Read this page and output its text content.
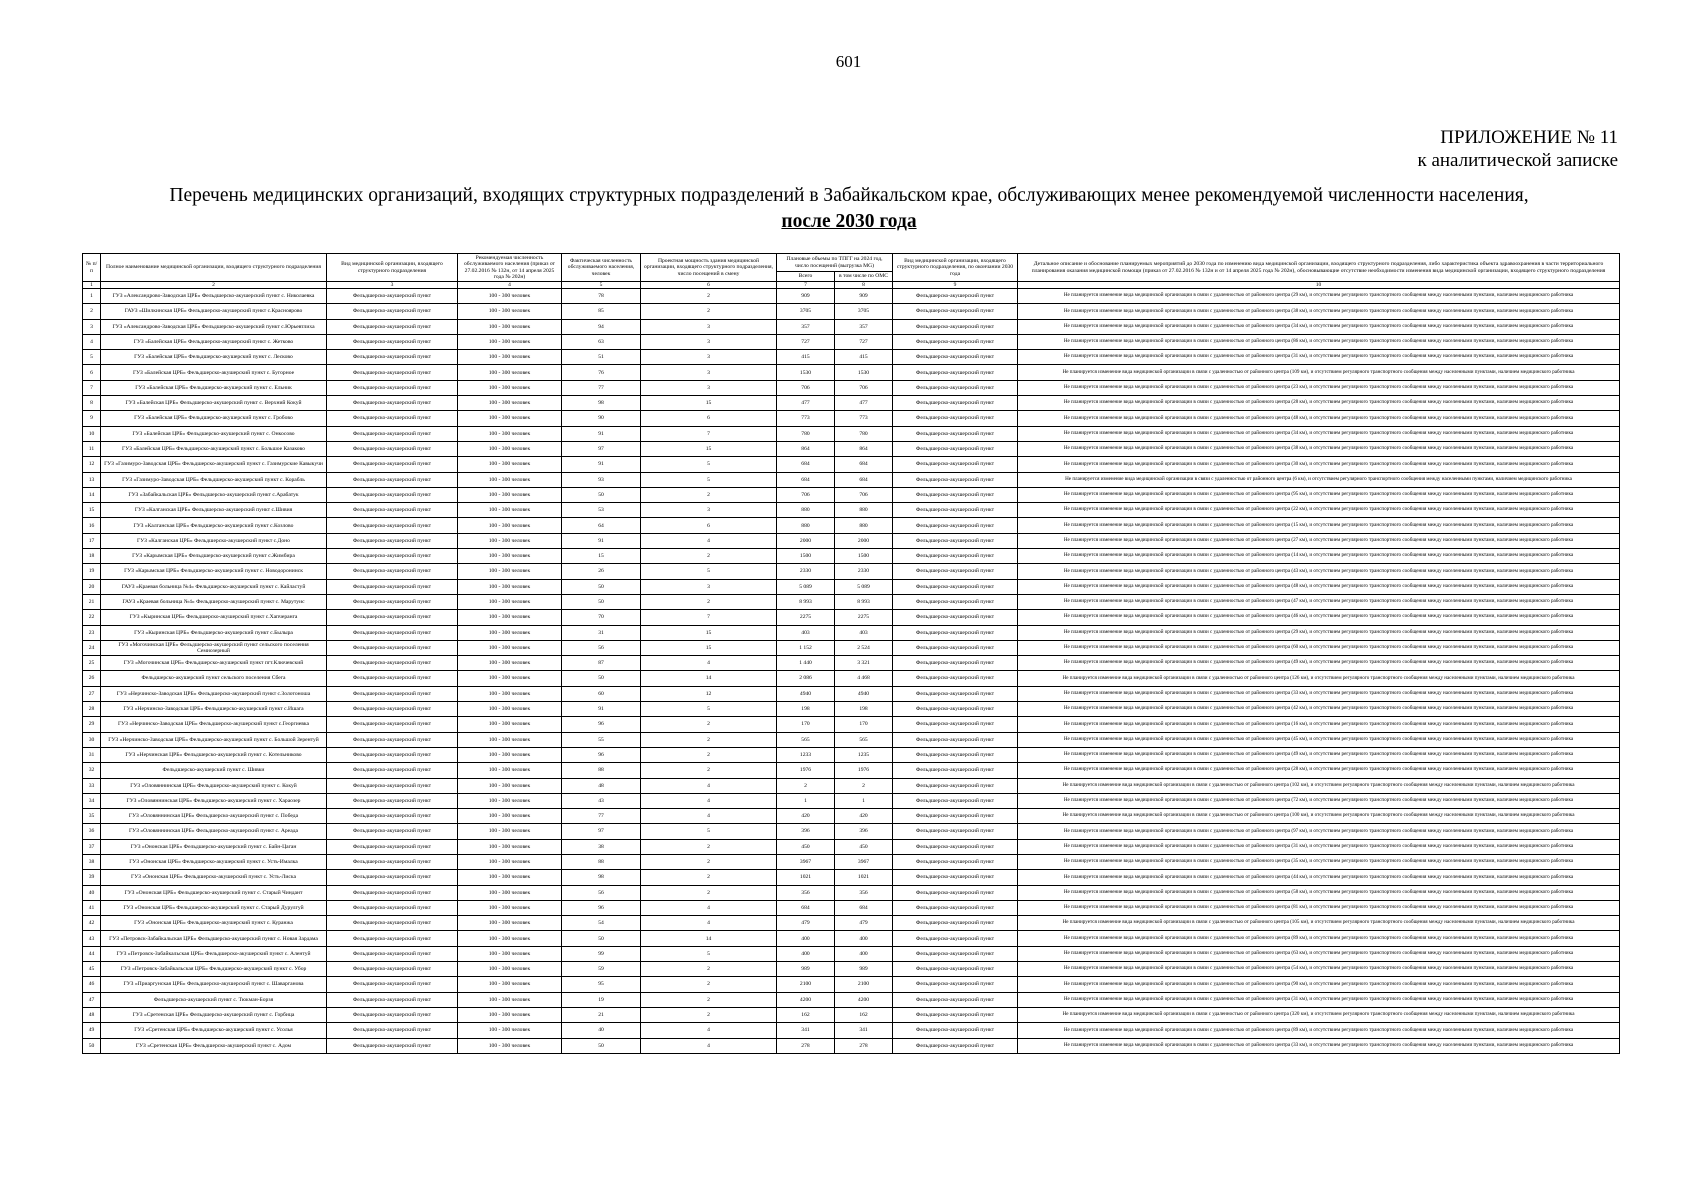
601
ПРИЛОЖЕНИЕ № 11
к аналитической записке
Перечень медицинских организаций, входящих структурных подразделений в Забайкальском крае, обслуживающих менее рекомендуемой численности населения,
после 2030 года
№ п/п	Полное наименование медицинской организации, входящего структурного подразделения	Вид медицинской организации, входящего структурного подразделения	Рекомендуемая численность обслуживаемого населения (приказ от 27.02.2016 № 132н, от 14 апреля 2025 года № 202н)	Фактическая численность обслуживаемого населения, человек	Проектная мощность здания медицинской организации, входящего структурного подразделения, число посещений в смену	Плановые объемы по ТПГГ на 2024 год, число посещений (выгрузка MG)		Вид медицинской организации, входящего структурного подразделения, по окончании 2030 года	Детальное описание и обоснование планируемых мероприятий до 2030 года по изменению вида медицинской организации, входящего структурного подразделения, либо характеристика объекта здравоохранения в части территориального планирования оказания медицинской помощи (приказ от 27.02.2016 № 132н и от 14 апреля 2025 года № 202н), обосновывающие отсутствие необходимости изменения вида медицинской организации, входящего структурного подразделения
						Всего	в том числе по ОМС		
1	2	3	4	5	6	7	8	9	10
1	ГУЗ «Александрово-Заводская ЦРБ» Фельдшерско-акушерский пункт с. Николаевка	Фельдшерско-акушерский пункт	100 - 300 человек	78	2	909	909	Фельдшерско-акушерский пункт	Не планируется изменение вида медицинской организации в связи с удаленностью от районного центра (29 км), и отсутствием регулярного транспортного сообщения между населенными пунктами, наличием медицинского работника
2	ГАУЗ «Шилкинская ЦРБ» Фельдшерско-акушерский пункт с.Красноярово	Фельдшерско-акушерский пункт	100 - 300 человек	85	2	3705	3705	Фельдшерско-акушерский пункт	Не планируется изменение вида медицинской организации в связи с удаленностью от районного центра (38 км), и отсутствием регулярного транспортного сообщения между населенными пунктами, наличием медицинского работника
3	ГУЗ «Александрово-Заводская ЦРБ» Фельдшерско-акушерский пункт с.Юрьевтлиха	Фельдшерско-акушерский пункт	100 - 300 человек	94	3	357	357	Фельдшерско-акушерский пункт	Не планируется изменение вида медицинской организации в связи с удаленностью от районного центра (34 км), и отсутствием регулярного транспортного сообщения между населенными пунктами, наличием медицинского работника
4	ГУЗ «Балейская ЦРБ» Фельдшерско-акушерский пункт с. Жетково	Фельдшерско-акушерский пункт	100 - 300 человек	63	3	727	727	Фельдшерско-акушерский пункт	Не планируется изменение вида медицинской организации в связи с удаленностью от районного центра (86 км), и отсутствием регулярного транспортного сообщения между населенными пунктами, наличием медицинского работника
5	ГУЗ «Балейская ЦРБ» Фельдшерско-акушерский пункт с. Лесково	Фельдшерско-акушерский пункт	100 - 300 человек	51	3	415	415	Фельдшерско-акушерский пункт	Не планируется изменение вида медицинской организации в связи с удаленностью от районного центра (31 км), и отсутствием регулярного транспортного сообщения между населенными пунктами, наличием медицинского работника
6	ГУЗ «Балейская ЦРБ» Фельдшерско-акушерский пункт с. Бугорное	Фельдшерско-акушерский пункт	100 - 300 человек	76	3	1530	1530	Фельдшерско-акушерский пункт	Не планируется изменение вида медицинской организации в связи с удаленностью от районного центра (109 км), и отсутствием регулярного транспортного сообщения между населенными пунктами, наличием медицинского работника
7	ГУЗ «Балейская ЦРБ» Фельдшерско-акушерский пункт с. Ельник	Фельдшерско-акушерский пункт	100 - 300 человек	77	3	706	706	Фельдшерско-акушерский пункт	Не планируется изменение вида медицинской организации в связи с удаленностью от районного центра (23 км), и отсутствием регулярного транспортного сообщения между населенными пунктами, наличием медицинского работника
8	ГУЗ «Балейская ЦРБ» Фельдшерско-акушерский пункт с. Верхний Кокуй	Фельдшерско-акушерский пункт	100 - 300 человек	98	15	477	477	Фельдшерско-акушерский пункт	Не планируется изменение вида медицинской организации в связи с удаленностью от районного центра (28 км), и отсутствием регулярного транспортного сообщения между населенными пунктами, наличием медицинского работника
9	ГУЗ «Балейская ЦРБ» Фельдшерско-акушерский пункт с. Гробово	Фельдшерско-акушерский пункт	100 - 300 человек	90	6	773	773	Фельдшерско-акушерский пункт	Не планируется изменение вида медицинской организации в связи с удаленностью от районного центра (48 км), и отсутствием регулярного транспортного сообщения между населенными пунктами, наличием медицинского работника
10	ГУЗ «Балейская ЦРБ» Фельдшерско-акушерский пункт с. Онкосово	Фельдшерско-акушерский пункт	100 - 300 человек	91	7	780	780	Фельдшерско-акушерский пункт	Не планируется изменение вида медицинской организации в связи с удаленностью от районного центра (34 км), и отсутствием регулярного транспортного сообщения между населенными пунктами, наличием медицинского работника
11	ГУЗ «Балейская ЦРБ» Фельдшерско-акушерский пункт с. Большое Казаково	Фельдшерско-акушерский пункт	100 - 300 человек	97	15	864	864	Фельдшерско-акушерский пункт	Не планируется изменение вида медицинской организации в связи с удаленностью от районного центра (38 км), и отсутствием регулярного транспортного сообщения между населенными пунктами, наличием медицинского работника
12	ГУЗ «Газимуро-Заводская ЦРБ» Фельдшерско-акушерский пункт с. Газимурские Кавыкучи	Фельдшерско-акушерский пункт	100 - 300 человек	91	5	684	684	Фельдшерско-акушерский пункт	Не планируется изменение вида медицинской организации в связи с удаленностью от районного центра (30 км), и отсутствием регулярного транспортного сообщения между населенными пунктами, наличием медицинского работника
13	ГУЗ «Газимуро-Заводская ЦРБ» Фельдшерско-акушерский пункт с. Корабль	Фельдшерско-акушерский пункт	100 - 300 человек	93	5	684	684	Фельдшерско-акушерский пункт	Не планируется изменение вида медицинской организации в связи с удаленностью от районного центра (6 км), и отсутствием регулярного транспортного сообщения между населенными пунктами, наличием медицинского работника
14	ГУЗ «Забайкальская ЦРБ» Фельдшерско-акушерский пункт с.Арабатук	Фельдшерско-акушерский пункт	100 - 300 человек	50	2	706	706	Фельдшерско-акушерский пункт	Не планируется изменение вида медицинской организации в связи с удаленностью от районного центра (95 км), и отсутствием регулярного транспортного сообщения между населенными пунктами, наличием медицинского работника
15	ГУЗ «Калганская ЦРБ» Фельдшерско-акушерский пункт с.Шивия	Фельдшерско-акушерский пункт	100 - 300 человек	53	3	880	880	Фельдшерско-акушерский пункт	Не планируется изменение вида медицинской организации в связи с удаленностью от районного центра (22 км), и отсутствием регулярного транспортного сообщения между населенными пунктами, наличием медицинского работника
16	ГУЗ «Калганская ЦРБ» Фельдшерско-акушерский пункт с.Козлово	Фельдшерско-акушерский пункт	100 - 300 человек	64	6	880	880	Фельдшерско-акушерский пункт	Не планируется изменение вида медицинской организации в связи с удаленностью от районного центра (15 км), и отсутствием регулярного транспортного сообщения между населенными пунктами, наличием медицинского работника
17	ГУЗ «Калганская ЦРБ» Фельдшерско-акушерский пункт с.Доно	Фельдшерско-акушерский пункт	100 - 300 человек	91	4	2000	2000	Фельдшерско-акушерский пункт	Не планируется изменение вида медицинской организации в связи с удаленностью от районного центра (27 км), и отсутствием регулярного транспортного сообщения между населенными пунктами, наличием медицинского работника
18	ГУЗ «Карымская ЦРБ» Фельдшерско-акушерский пункт с.Жимбира	Фельдшерско-акушерский пункт	100 - 300 человек	15	2	1500	1500	Фельдшерско-акушерский пункт	Не планируется изменение вида медицинской организации в связи с удаленностью от районного центра (14 км), и отсутствием регулярного транспортного сообщения между населенными пунктами, наличием медицинского работника
19	ГУЗ «Карымская ЦРБ» Фельдшерско-акушерский пункт с. Новодоронинск	Фельдшерско-акушерский пункт	100 - 300 человек	26	5	2330	2330	Фельдшерско-акушерский пункт	Не планируется изменение вида медицинской организации в связи с удаленностью от районного центра (43 км), и отсутствием регулярного транспортного сообщения между населенными пунктами, наличием медицинского работника
20	ГАУЗ «Краевая больница №4» Фельдшерско-акушерский пункт с. Кайластуй	Фельдшерско-акушерский пункт	100 - 300 человек	50	3	5 089	5 089	Фельдшерско-акушерский пункт	Не планируется изменение вида медицинской организации в связи с удаленностью от районного центра (48 км), и отсутствием регулярного транспортного сообщения между населенными пунктами, наличием медицинского работника
21	ГАУЗ «Краевая больница №4» Фельдшерско-акушерский пункт с. Марутуис	Фельдшерско-акушерский пункт	100 - 300 человек	50	2	8 993	8 993	Фельдшерско-акушерский пункт	Не планируется изменение вида медицинской организации в связи с удаленностью от районного центра (47 км), и отсутствием регулярного транспортного сообщения между населенными пунктами, наличием медицинского работника
22	ГУЗ «Кыринская ЦРБ» Фельдшерско-акушерский пункт с.Хапчеранга	Фельдшерско-акушерский пункт	100 - 300 человек	70	7	2275	2275	Фельдшерско-акушерский пункт	Не планируется изменение вида медицинской организации в связи с удаленностью от районного центра (46 км), и отсутствием регулярного транспортного сообщения между населенными пунктами, наличием медицинского работника
23	ГУЗ «Кыринская ЦРБ» Фельдшерско-акушерский пункт с.Былыра	Фельдшерско-акушерский пункт	100 - 300 человек	31	15	403	403	Фельдшерско-акушерский пункт	Не планируется изменение вида медицинской организации в связи с удаленностью от районного центра (29 км), и отсутствием регулярного транспортного сообщения между населенными пунктами, наличием медицинского работника
24	ГУЗ «Могочинская ЦРБ» Фельдшерско-акушерский пункт сельского поселения Семиозерный	Фельдшерско-акушерский пункт	100 - 300 человек	56	15	1 152	2 524	Фельдшерско-акушерский пункт	Не планируется изменение вида медицинской организации в связи с удаленностью от районного центра (60 км), и отсутствием регулярного транспортного сообщения между населенными пунктами, наличием медицинского работника
25	ГУЗ «Могочинская ЦРБ» Фельдшерско-акушерский пункт пгт.Ключевский	Фельдшерско-акушерский пункт	100 - 300 человек	87	4	1 440	3 321	Фельдшерско-акушерский пункт	Не планируется изменение вида медицинской организации в связи с удаленностью от районного центра (49 км), и отсутствием регулярного транспортного сообщения между населенными пунктами, наличием медицинского работника
26	Фельдшерско-акушерский пункт сельского поселения Сбега	Фельдшерско-акушерский пункт	100 - 300 человек	50	14	2 086	4 468	Фельдшерско-акушерский пункт	Не планируется изменение вида медицинской организации в связи с удаленностью от районного центра (126 км), и отсутствием регулярного транспортного сообщения между населенными пунктами, наличием медицинского работника
27	ГУЗ «Нерчинско-Заводская ЦРБ» Фельдшерско-акушерский пункт с.Золотоноша	Фельдшерско-акушерский пункт	100 - 300 человек	60	12	4940	4940	Фельдшерско-акушерский пункт	Не планируется изменение вида медицинской организации в связи с удаленностью от районного центра (33 км), и отсутствием регулярного транспортного сообщения между населенными пунктами, наличием медицинского работника
28	ГУЗ «Нерчинско-Заводская ЦРБ» Фельдшерско-акушерский пункт с.Ишага	Фельдшерско-акушерский пункт	100 - 300 человек	91	5	198	198	Фельдшерско-акушерский пункт	Не планируется изменение вида медицинской организации в связи с удаленностью от районного центра (42 км), и отсутствием регулярного транспортного сообщения между населенными пунктами, наличием медицинского работника
29	ГУЗ «Нерчинско-Заводская ЦРБ» Фельдшерско-акушерский пункт с.Георгиевка	Фельдшерско-акушерский пункт	100 - 300 человек	96	2	170	170	Фельдшерско-акушерский пункт	Не планируется изменение вида медицинской организации в связи с удаленностью от районного центра (16 км), и отсутствием регулярного транспортного сообщения между населенными пунктами, наличием медицинского работника
30	ГУЗ «Нерчинско-Заводская ЦРБ» Фельдшерско-акушерский пункт с. Большой Зерентуй	Фельдшерско-акушерский пункт	100 - 300 человек	55	2	565	565	Фельдшерско-акушерский пункт	Не планируется изменение вида медицинской организации в связи с удаленностью от районного центра (45 км), и отсутствием регулярного транспортного сообщения между населенными пунктами, наличием медицинского работника
31	ГУЗ «Нерчинская ЦРБ» Фельдшерско-акушерский пункт с. Котельниково	Фельдшерско-акушерский пункт	100 - 300 человек	96	2	1233	1235	Фельдшерско-акушерский пункт	Не планируется изменение вида медицинской организации в связи с удаленностью от районного центра (49 км), и отсутствием регулярного транспортного сообщения между населенными пунктами, наличием медицинского работника
32	Фельдшерско-акушерский пункт с. Шивки	Фельдшерско-акушерский пункт	100 - 300 человек	88	2	1976	1976	Фельдшерско-акушерский пункт	Не планируется изменение вида медицинской организации в связи с удаленностью от районного центра (28 км), и отсутствием регулярного транспортного сообщения между населенными пунктами, наличием медицинского работника
33	ГУЗ «Оловяннинская ЦРБ» Фельдшерско-акушерский пункт с. Кокуй	Фельдшерско-акушерский пункт	100 - 300 человек	48	4	2	2	Фельдшерско-акушерский пункт	Не планируется изменение вида медицинской организации в связи с удаленностью от районного центра (102 км), и отсутствием регулярного транспортного сообщения между населенными пунктами, наличием медицинского работника
34	ГУЗ «Оловяннинская ЦРБ» Фельдшерско-акушерский пункт с. Хараозер	Фельдшерско-акушерский пункт	100 - 300 человек	43	4	1	1	Фельдшерско-акушерский пункт	Не планируется изменение вида медицинской организации в связи с удаленностью от районного центра (72 км), и отсутствием регулярного транспортного сообщения между населенными пунктами, наличием медицинского работника
35	ГУЗ «Оловяннинская ЦРБ» Фельдшерско-акушерский пункт с. Победа	Фельдшерско-акушерский пункт	100 - 300 человек	77	4	420	420	Фельдшерско-акушерский пункт	Не планируется изменение вида медицинской организации в связи с удаленностью от районного центра (100 км), и отсутствием регулярного транспортного сообщения между населенными пунктами, наличием медицинского работника
36	ГУЗ «Оловяннинская ЦРБ» Фельдшерско-акушерский пункт с. Ареада	Фельдшерско-акушерский пункт	100 - 300 человек	97	5	396	396	Фельдшерско-акушерский пункт	Не планируется изменение вида медицинской организации в связи с удаленностью от районного центра (97 км), и отсутствием регулярного транспортного сообщения между населенными пунктами, наличием медицинского работника
37	ГУЗ «Ононская ЦРБ» Фельдшерско-акушерский пункт с. Байн-Цаган	Фельдшерско-акушерский пункт	100 - 300 человек	38	2	450	450	Фельдшерско-акушерский пункт	Не планируется изменение вида медицинской организации в связи с удаленностью от районного центра (31 км), и отсутствием регулярного транспортного сообщения между населенными пунктами, наличием медицинского работника
38	ГУЗ «Ононская ЦРБ» Фельдшерско-акушерский пункт с. Усть-Ималка	Фельдшерско-акушерский пункт	100 - 300 человек	88	2	3967	3967	Фельдшерско-акушерский пункт	Не планируется изменение вида медицинской организации в связи с удаленностью от районного центра (35 км), и отсутствием регулярного транспортного сообщения между населенными пунктами, наличием медицинского работника
39	ГУЗ «Ононская ЦРБ» Фельдшерско-акушерский пункт с. Усть-Лиска	Фельдшерско-акушерский пункт	100 - 300 человек	98	2	1021	1021	Фельдшерско-акушерский пункт	Не планируется изменение вида медицинской организации в связи с удаленностью от районного центра (44 км), и отсутствием регулярного транспортного сообщения между населенными пунктами, наличием медицинского работника
40	ГУЗ «Ононская ЦРБ» Фельдшерско-акушерский пункт с. Старый Чиндант	Фельдшерско-акушерский пункт	100 - 300 человек	56	2	356	356	Фельдшерско-акушерский пункт	Не планируется изменение вида медицинской организации в связи с удаленностью от районного центра (58 км), и отсутствием регулярного транспортного сообщения между населенными пунктами, наличием медицинского работника
41	ГУЗ «Ононская ЦРБ» Фельдшерско-акушерский пункт с. Старый Дурулгуй	Фельдшерско-акушерский пункт	100 - 300 человек	96	4	684	684	Фельдшерско-акушерский пункт	Не планируется изменение вида медицинской организации в связи с удаленностью от районного центра (81 км), и отсутствием регулярного транспортного сообщения между населенными пунктами, наличием медицинского работника
42	ГУЗ «Ононская ЦРБ» Фельдшерско-акушерский пункт с. Куранжа	Фельдшерско-акушерский пункт	100 - 300 человек	54	4	479	479	Фельдшерско-акушерский пункт	Не планируется изменение вида медицинской организации в связи с удаленностью от районного центра (105 км), и отсутствием регулярного транспортного сообщения между населенными пунктами, наличием медицинского работника
43	ГУЗ «Петровск-Забайкальская ЦРБ» Фельдшерско-акушерский пункт с. Новая Зардама	Фельдшерско-акушерский пункт	100 - 300 человек	50	14	400	400	Фельдшерско-акушерский пункт	Не планируется изменение вида медицинской организации в связи с удаленностью от районного центра (89 км), и отсутствием регулярного транспортного сообщения между населенными пунктами, наличием медицинского работника
44	ГУЗ «Петровск-Забайкальская ЦРБ» Фельдшерско-акушерский пункт с. Алентуй	Фельдшерско-акушерский пункт	100 - 300 человек	99	5	400	400	Фельдшерско-акушерский пункт	Не планируется изменение вида медицинской организации в связи с удаленностью от районного центра (63 км), и отсутствием регулярного транспортного сообщения между населенными пунктами, наличием медицинского работника
45	ГУЗ «Петровск-Забайкальская ЦРБ» Фельдшерско-акушерский пункт с. Убор	Фельдшерско-акушерский пункт	100 - 300 человек	59	2	989	989	Фельдшерско-акушерский пункт	Не планируется изменение вида медицинской организации в связи с удаленностью от районного центра (54 км), и отсутствием регулярного транспортного сообщения между населенными пунктами, наличием медицинского работника
46	ГУЗ «Приаргунская ЦРБ» Фельдшерско-акушерский пункт с. Шаварганова	Фельдшерско-акушерский пункт	100 - 300 человек	95	2	2100	2100	Фельдшерско-акушерский пункт	Не планируется изменение вида медицинской организации в связи с удаленностью от районного центра (90 км), и отсутствием регулярного транспортного сообщения между населенными пунктами, наличием медицинского работника
47	Фельдшерско-акушерский пункт с. Тюкман-Борзя	Фельдшерско-акушерский пункт	100 - 300 человек	19	2	4200	4200	Фельдшерско-акушерский пункт	Не планируется изменение вида медицинской организации в связи с удаленностью от районного центра (31 км), и отсутствием регулярного транспортного сообщения между населенными пунктами, наличием медицинского работника
48	ГУЗ «Сретенская ЦРБ» Фельдшерско-акушерский пункт с. Горбица	Фельдшерско-акушерский пункт	100 - 300 человек	21	2	162	162	Фельдшерско-акушерский пункт	Не планируется изменение вида медицинской организации в связи с удаленностью от районного центра (320 км), и отсутствием регулярного транспортного сообщения между населенными пунктами, наличием медицинского работника
49	ГУЗ «Сретенская ЦРБ» Фельдшерско-акушерский пункт с. Усолья	Фельдшерско-акушерский пункт	100 - 300 человек	40	4	341	341	Фельдшерско-акушерский пункт	Не планируется изменение вида медицинской организации в связи с удаленностью от районного центра (89 км), и отсутствием регулярного транспортного сообщения между населенными пунктами, наличием медицинского работника
50	ГУЗ «Сретенская ЦРБ» Фельдшерско-акушерский пункт с. Адом	Фельдшерско-акушерский пункт	100 - 300 человек	50	4	278	278	Фельдшерско-акушерский пункт	Не планируется изменение вида медицинской организации в связи с удаленностью от районного центра (33 км), и отсутствием регулярного транспортного сообщения между населенными пунктами, наличием медицинского работника
